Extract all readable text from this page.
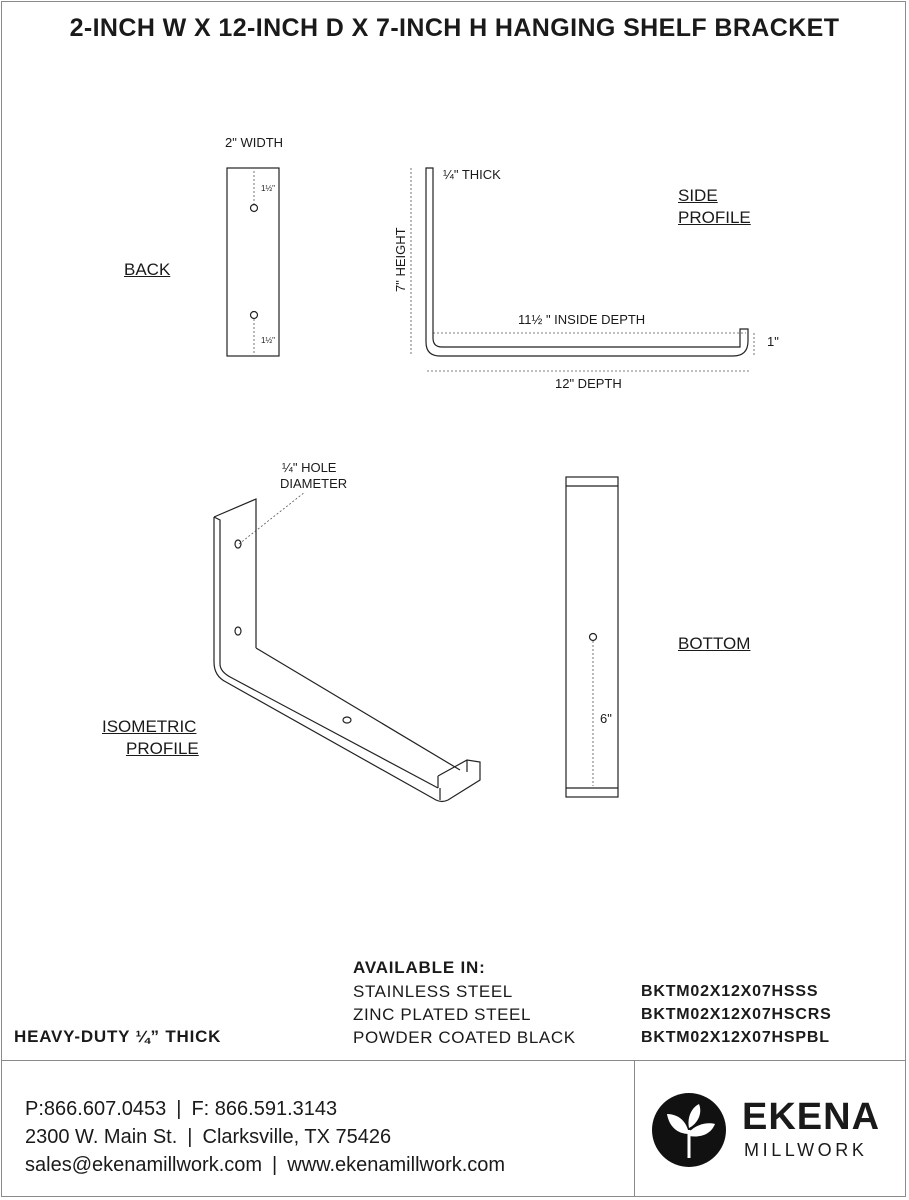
2-INCH W X 12-INCH D X 7-INCH H HANGING SHELF BRACKET
2" WIDTH
1½"
1½"
BACK
¼" THICK
SIDE
PROFILE
7" HEIGHT
11½ " INSIDE DEPTH
12" DEPTH
1"
¼" HOLE
DIAMETER
ISOMETRIC
PROFILE
BOTTOM
6"
AVAILABLE IN:
STAINLESS STEEL
ZINC PLATED STEEL
POWDER COATED BLACK
BKTM02X12X07HSSS
BKTM02X12X07HSCRS
BKTM02X12X07HSPBL
HEAVY-DUTY ¼” THICK
P:866.607.0453 | F: 866.591.3143
2300 W. Main St. | Clarksville, TX 75426
sales@ekenamillwork.com | www.ekenamillwork.com
EKENA
MILLWORK
